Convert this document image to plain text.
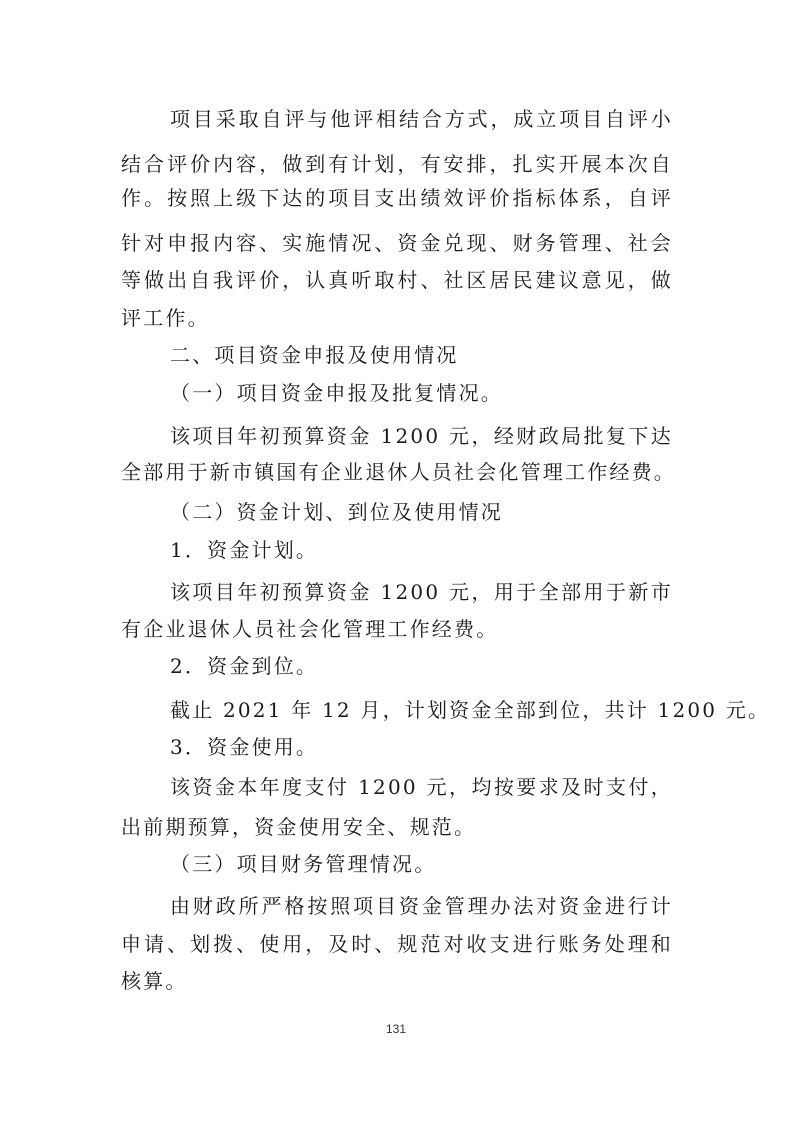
项目采取自评与他评相结合方式，成立项目自评小
结合评价内容，做到有计划，有安排，扎实开展本次自
作。按照上级下达的项目支出绩效评价指标体系，自评
针对申报内容、实施情况、资金兑现、财务管理、社会
等做出自我评价，认真听取村、社区居民建议意见，做
评工作。
二、项目资金申报及使用情况
（一）项目资金申报及批复情况。
该项目年初预算资金 1200 元，经财政局批复下达
全部用于新市镇国有企业退休人员社会化管理工作经费。
（二）资金计划、到位及使用情况
1．资金计划。
该项目年初预算资金 1200 元，用于全部用于新市
有企业退休人员社会化管理工作经费。
2．资金到位。
截止 2021 年 12 月，计划资金全部到位，共计 1200 元。
3．资金使用。
该资金本年度支付 1200 元，均按要求及时支付，
出前期预算，资金使用安全、规范。
（三）项目财务管理情况。
由财政所严格按照项目资金管理办法对资金进行计
申请、划拨、使用，及时、规范对收支进行账务处理和
核算。
131
